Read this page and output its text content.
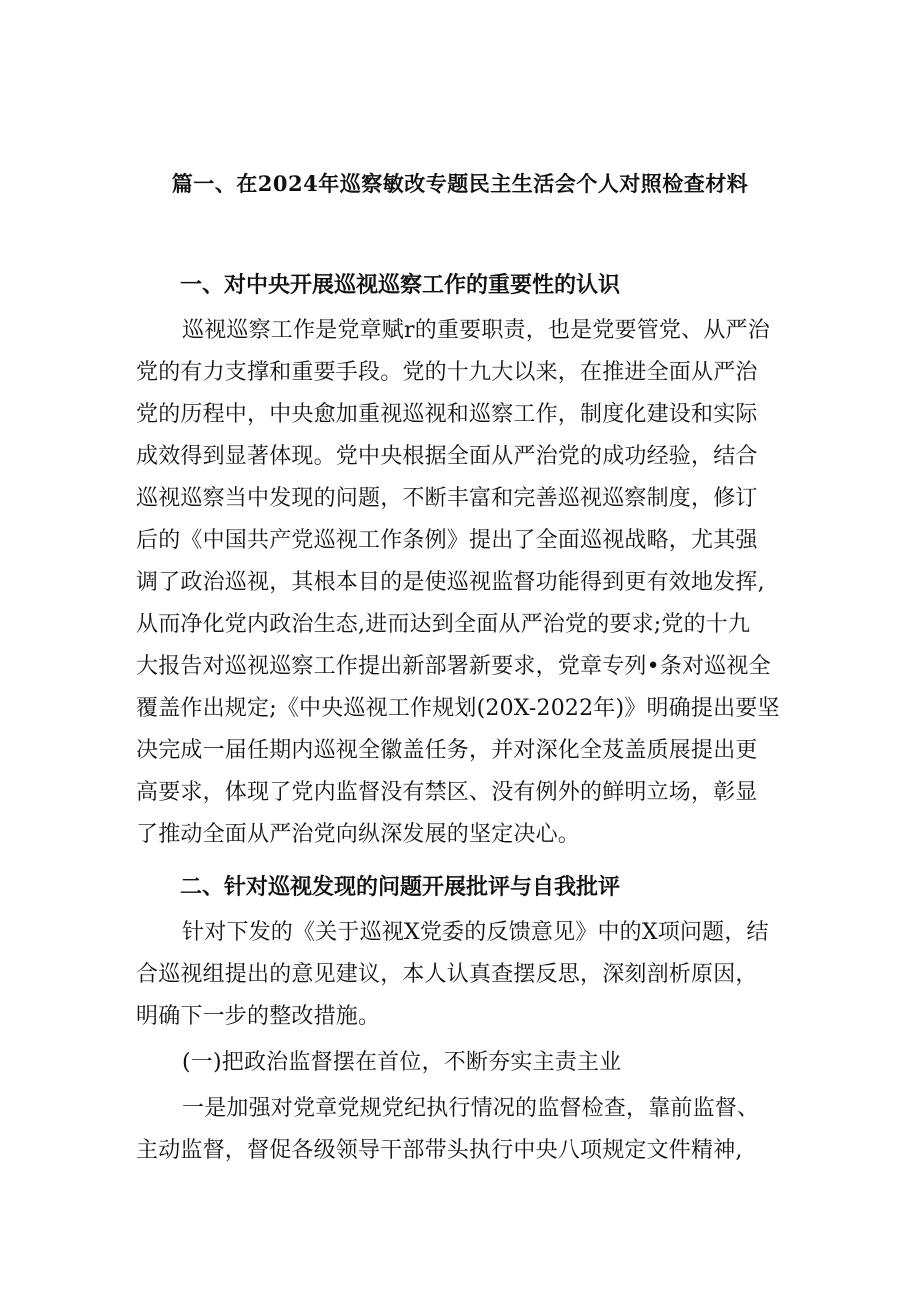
篇一、在2024年巡察敏改专题民主生活会个人对照检查材料
一、对中央开展巡视巡察工作的重要性的认识
巡视巡察工作是党章赋r的重要职责，也是党要管党、从严治
党的有力支撑和重要手段。党的十九大以来，在推进全面从严治
党的历程中，中央愈加重视巡视和巡察工作，制度化建设和实际
成效得到显著体现。党中央根据全面从严治党的成功经验，结合
巡视巡察当中发现的问题，不断丰富和完善巡视巡察制度，修订
后的《中国共产党巡视工作条例》提出了全面巡视战略，尤其强
调了政治巡视，其根本目的是使巡视监督功能得到更有效地发挥,
从而净化党内政治生态,进而达到全面从严治党的要求;党的十九
大报告对巡视巡察工作提出新部署新要求，党章专列•条对巡视全
覆盖作出规定;《中央巡视工作规划(20X-2022年)》明确提出要坚
决完成一届任期内巡视全徽盖任务，并对深化全芨盖质展提出更
高要求，体现了党内监督没有禁区、没有例外的鲜明立场，彰显
了推动全面从严治党向纵深发展的坚定决心。
二、针对巡视发现的问题开展批评与自我批评
针对下发的《关于巡视X党委的反馈意见》中的X项问题，结
合巡视组提出的意见建议，本人认真查摆反思，深刻剖析原因，
明确下一步的整改措施。
(一)把政治监督摆在首位，不断夯实主责主业
一是加强对党章党规党纪执行情况的监督检查，靠前监督、
主动监督，督促各级领导干部带头执行中央八项规定文件精神,
